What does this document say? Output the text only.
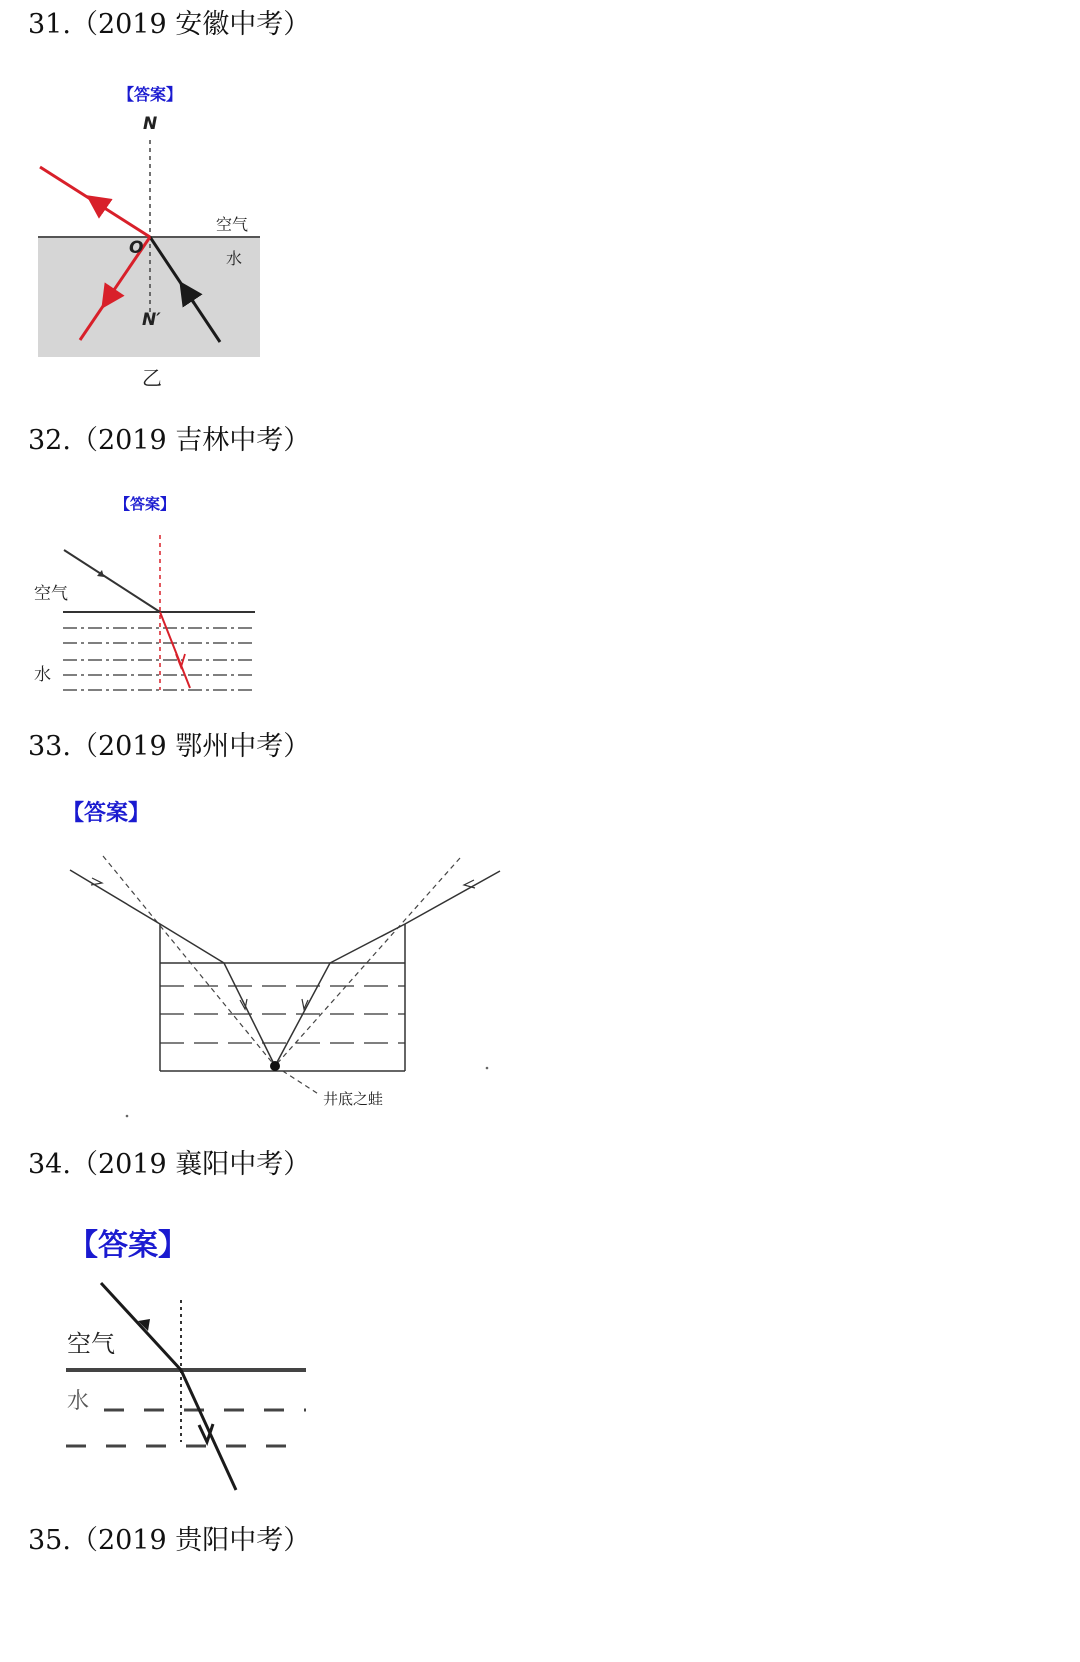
31.（2019 安徽中考）
【答案】
N
空气
水
O
N′
乙
32.（2019 吉林中考）
【答案】
空气
水
33.（2019 鄂州中考）
【答案】
井底之蛙
34.（2019 襄阳中考）
【答案】
空气
水
35.（2019 贵阳中考）
